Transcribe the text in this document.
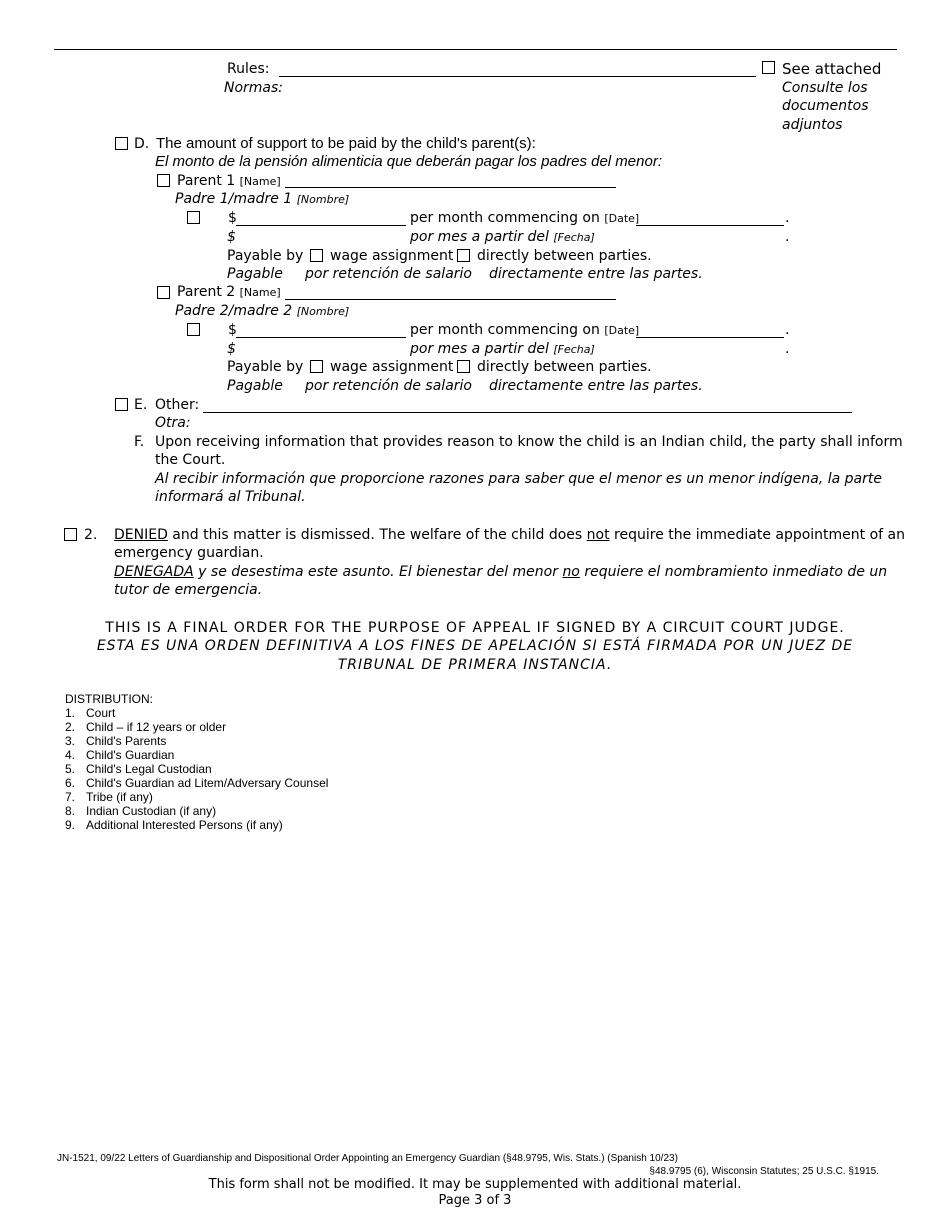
Rules:
Normas:
See attached
Consulte los
documentos
adjuntos
D. The amount of support to be paid by the child's parent(s):
El monto de la pensión alimenticia que deberán pagar los padres del menor:
Parent 1 [Name]
Padre 1/madre 1 [Nombre]
$	per month commencing on [Date]	.
$	por mes a partir del [Fecha]	.
Payable by wage assignment directly between parties.
Pagable por retención de salario directamente entre las partes.
Parent 2 [Name]
Padre 2/madre 2 [Nombre]
$	per month commencing on [Date]	.
$	por mes a partir del [Fecha]	.
Payable by wage assignment directly between parties.
Pagable por retención de salario directamente entre las partes.
E. Other:
Otra:
F. Upon receiving information that provides reason to know the child is an Indian child, the party shall inform
the Court.
Al recibir información que proporcione razones para saber que el menor es un menor indígena, la parte
informará al Tribunal.
2. DENIED and this matter is dismissed. The welfare of the child does not require the immediate appointment of an
emergency guardian.
DENEGADA y se desestima este asunto. El bienestar del menor no requiere el nombramiento inmediato de un
tutor de emergencia.
THIS IS A FINAL ORDER FOR THE PURPOSE OF APPEAL IF SIGNED BY A CIRCUIT COURT JUDGE.
ESTA ES UNA ORDEN DEFINITIVA A LOS FINES DE APELACIÓN SI ESTÁ FIRMADA POR UN JUEZ DE
TRIBUNAL DE PRIMERA INSTANCIA.
DISTRIBUTION:
1. Court
2. Child – if 12 years or older
3. Child's Parents
4. Child's Guardian
5. Child's Legal Custodian
6. Child's Guardian ad Litem/Adversary Counsel
7. Tribe (if any)
8. Indian Custodian (if any)
9. Additional Interested Persons (if any)
JN-1521, 09/22 Letters of Guardianship and Dispositional Order Appointing an Emergency Guardian (§48.9795, Wis. Stats.) (Spanish 10/23)
§48.9795 (6), Wisconsin Statutes; 25 U.S.C. §1915.
This form shall not be modified. It may be supplemented with additional material.
Page 3 of 3
